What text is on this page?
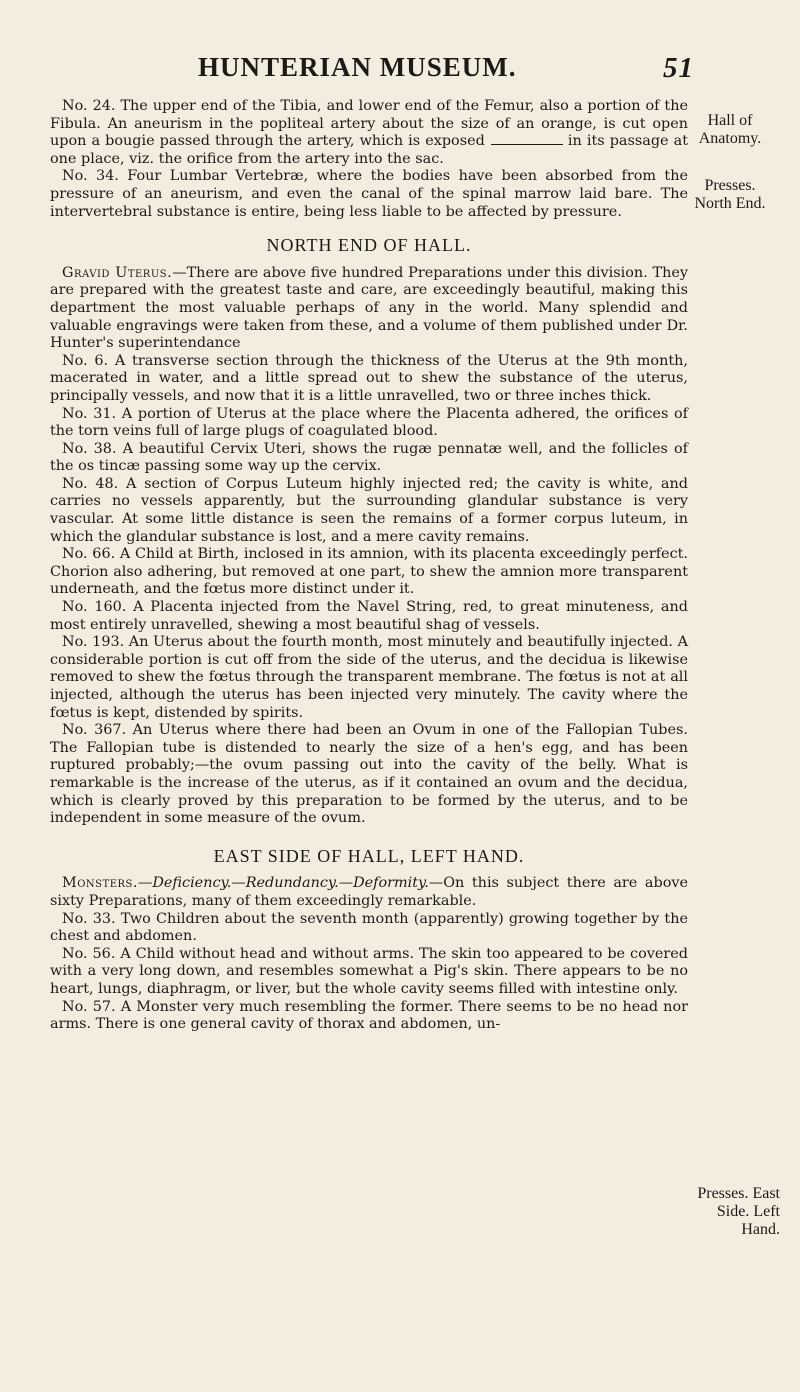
HUNTERIAN MUSEUM.	51
Hall of Anatomy.
Presses. North End.
Presses. East Side. Left Hand.

No. 24. The upper end of the Tibia, and lower end of the Femur, also a portion of the Fibula. An aneurism in the popliteal artery about the size of an orange, is cut open upon a bougie passed through the artery, which is exposed	in its passage at one place, viz. the orifice from the artery into the sac.

No. 34. Four Lumbar Vertebræ, where the bodies have been absorbed from the pressure of an aneurism, and even the canal of the spinal marrow laid bare. The intervertebral substance is entire, being less liable to be affected by pressure.

NORTH END OF HALL.

Gravid Uterus.—There are above five hundred Preparations under this division. They are prepared with the greatest taste and care, are exceedingly beautiful, making this department the most valuable perhaps of any in the world. Many splendid and valuable engravings were taken from these, and a volume of them published under Dr. Hunter's superintendance

No. 6. A transverse section through the thickness of the Uterus at the 9th month, macerated in water, and a little spread out to shew the substance of the uterus, principally vessels, and now that it is a little unravelled, two or three inches thick.

No. 31. A portion of Uterus at the place where the Placenta adhered, the orifices of the torn veins full of large plugs of coagulated blood.

No. 38. A beautiful Cervix Uteri, shows the rugæ pennatæ well, and the follicles of the os tincæ passing some way up the cervix.

No. 48. A section of Corpus Luteum highly injected red; the cavity is white, and carries no vessels apparently, but the surrounding glandular substance is very vascular. At some little distance is seen the remains of a former corpus luteum, in which the glandular substance is lost, and a mere cavity remains.

No. 66. A Child at Birth, inclosed in its amnion, with its placenta exceedingly perfect. Chorion also adhering, but removed at one part, to shew the amnion more transparent underneath, and the fœtus more distinct under it.

No. 160. A Placenta injected from the Navel String, red, to great minuteness, and most entirely unravelled, shewing a most beautiful shag of vessels.

No. 193. An Uterus about the fourth month, most minutely and beautifully injected. A considerable portion is cut off from the side of the uterus, and the decidua is likewise removed to shew the fœtus through the transparent membrane. The fœtus is not at all injected, although the uterus has been injected very minutely. The cavity where the fœtus is kept, distended by spirits.

No. 367. An Uterus where there had been an Ovum in one of the Fallopian Tubes. The Fallopian tube is distended to nearly the size of a hen's egg, and has been ruptured probably;—the ovum passing out into the cavity of the belly. What is remarkable is the increase of the uterus, as if it contained an ovum and the decidua, which is clearly proved by this preparation to be formed by the uterus, and to be independent in some measure of the ovum.

EAST SIDE OF HALL, LEFT HAND.

Monsters.—Deficiency.—Redundancy.—Deformity.—On this subject there are above sixty Preparations, many of them exceedingly remarkable.

No. 33. Two Children about the seventh month (apparently) growing together by the chest and abdomen.

No. 56. A Child without head and without arms. The skin too appeared to be covered with a very long down, and resembles somewhat a Pig's skin. There appears to be no heart, lungs, diaphragm, or liver, but the whole cavity seems filled with intestine only.

No. 57. A Monster very much resembling the former. There seems to be no head nor arms. There is one general cavity of thorax and abdomen, un-
